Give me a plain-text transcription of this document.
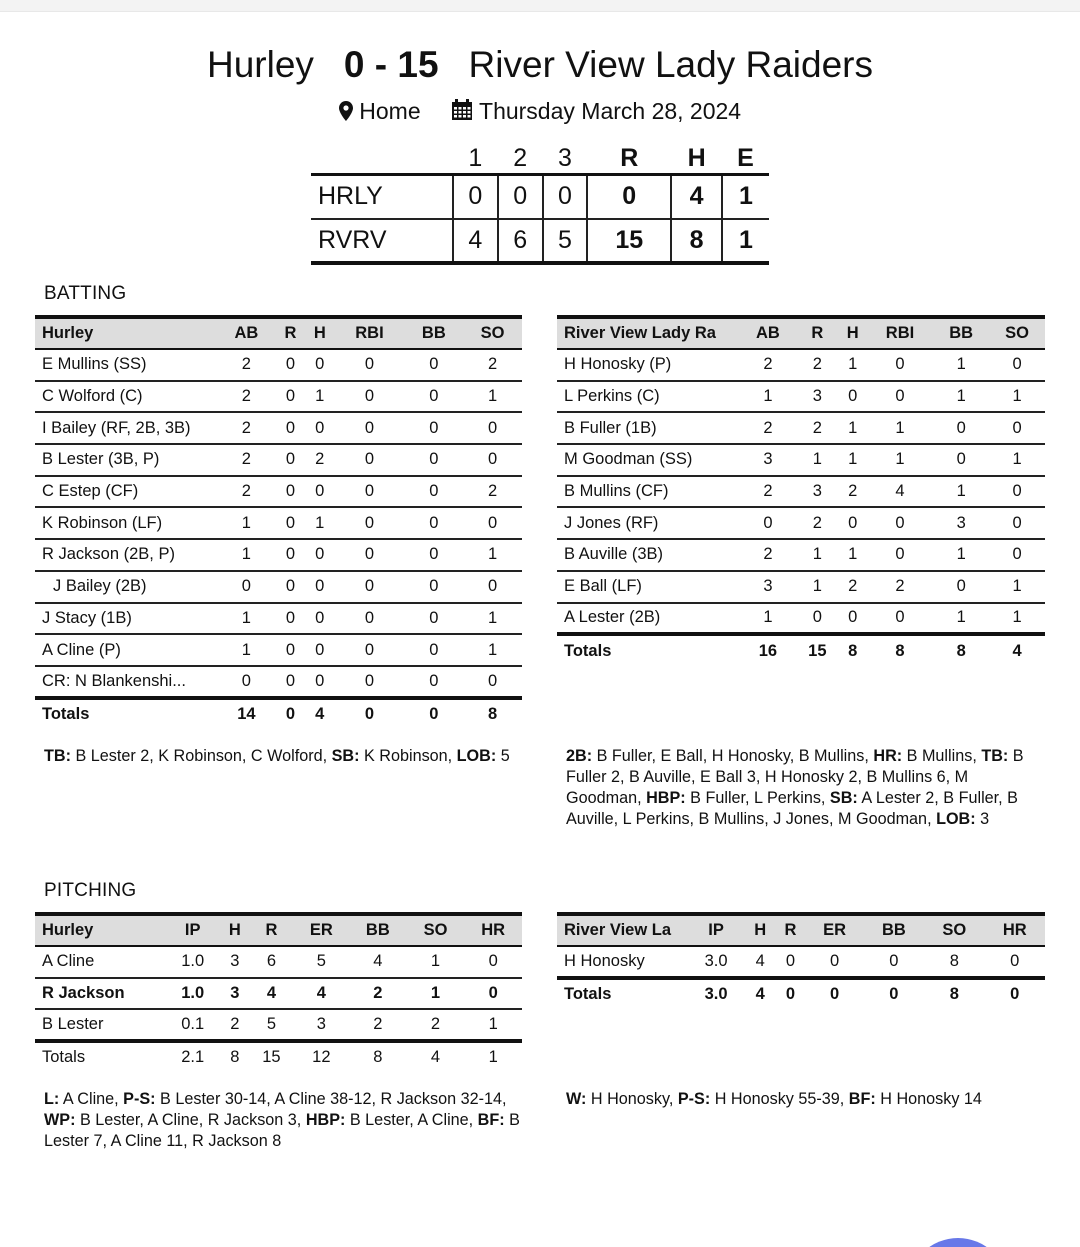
Hurley 0 - 15 River View Lady Raiders
Home	Thursday March 28, 2024
	1	2	3	R	H	E
HRLY	0	0	0	0	4	1
RVRV	4	6	5	15	8	1
BATTING
Hurley	AB	R	H	RBI	BB	SO
E Mullins (SS)	2	0	0	0	0	2
C Wolford (C)	2	0	1	0	0	1
I Bailey (RF, 2B, 3B)	2	0	0	0	0	0
B Lester (3B, P)	2	0	2	0	0	0
C Estep (CF)	2	0	0	0	0	2
K Robinson (LF)	1	0	1	0	0	0
R Jackson (2B, P)	1	0	0	0	0	1
J Bailey (2B)	0	0	0	0	0	0
J Stacy (1B)	1	0	0	0	0	1
A Cline (P)	1	0	0	0	0	1
CR: N Blankenshi...	0	0	0	0	0	0
Totals	14	0	4	0	0	8
River View Lady Ra	AB	R	H	RBI	BB	SO
H Honosky (P)	2	2	1	0	1	0
L Perkins (C)	1	3	0	0	1	1
B Fuller (1B)	2	2	1	1	0	0
M Goodman (SS)	3	1	1	1	0	1
B Mullins (CF)	2	3	2	4	1	0
J Jones (RF)	0	2	0	0	3	0
B Auville (3B)	2	1	1	0	1	0
E Ball (LF)	3	1	2	2	0	1
A Lester (2B)	1	0	0	0	1	1
Totals	16	15	8	8	8	4
TB: B Lester 2, K Robinson, C Wolford, SB: K Robinson, LOB: 5	2B: B Fuller, E Ball, H Honosky, B Mullins, HR: B Mullins, TB: B Fuller 2, B Auville, E Ball 3, H Honosky 2, B Mullins 6, M Goodman, HBP: B Fuller, L Perkins, SB: A Lester 2, B Fuller, B Auville, L Perkins, B Mullins, J Jones, M Goodman, LOB: 3
PITCHING
Hurley	IP	H	R	ER	BB	SO	HR
A Cline	1.0	3	6	5	4	1	0
R Jackson	1.0	3	4	4	2	1	0
B Lester	0.1	2	5	3	2	2	1
Totals	2.1	8	15	12	8	4	1
River View La	IP	H	R	ER	BB	SO	HR
H Honosky	3.0	4	0	0	0	8	0
Totals	3.0	4	0	0	0	8	0
L: A Cline, P-S: B Lester 30-14, A Cline 38-12, R Jackson 32-14, WP: B Lester, A Cline, R Jackson 3, HBP: B Lester, A Cline, BF: B Lester 7, A Cline 11, R Jackson 8
W: H Honosky, P-S: H Honosky 55-39, BF: H Honosky 14
